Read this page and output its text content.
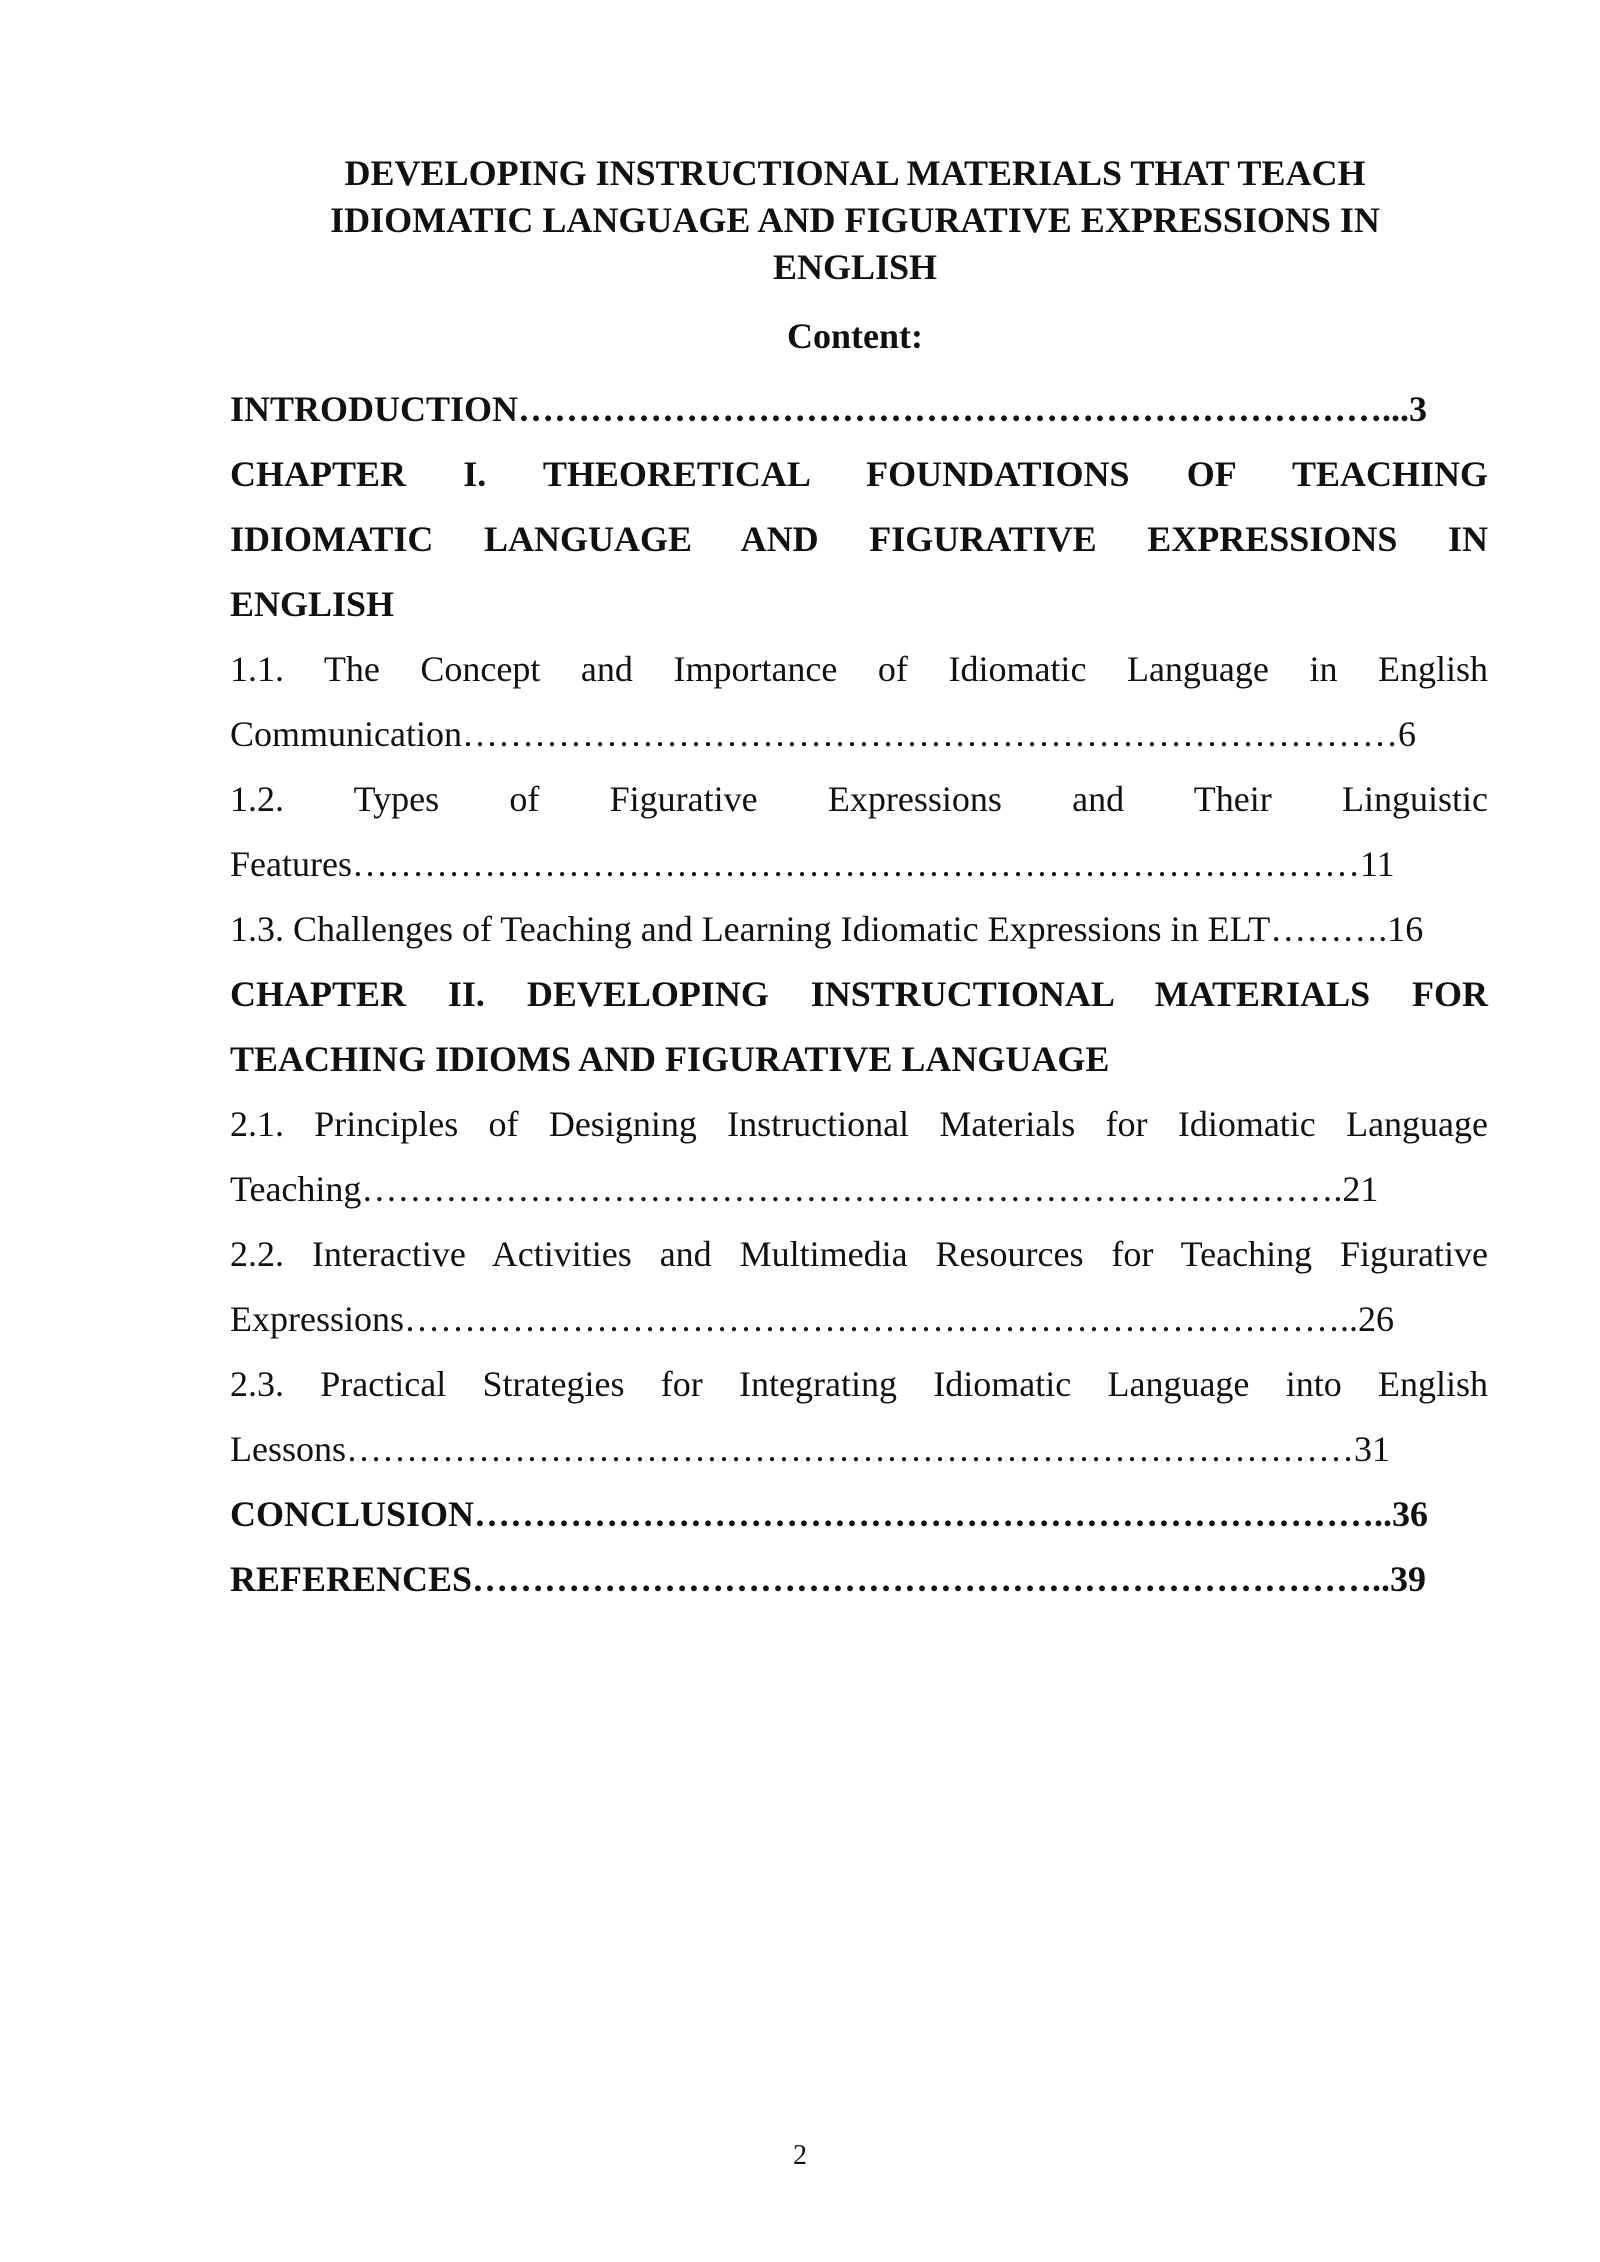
DEVELOPING INSTRUCTIONAL MATERIALS THAT TEACH
IDIOMATIC LANGUAGE AND FIGURATIVE EXPRESSIONS IN
ENGLISH
Content:
INTRODUCTION………………………………………………………………...3
CHAPTER I. THEORETICAL FOUNDATIONS OF TEACHING
IDIOMATIC LANGUAGE AND FIGURATIVE EXPRESSIONS IN
ENGLISH
1.1. The Concept and Importance of Idiomatic Language in English
Communication……………………………………………………………………6
1.2. Types of Figurative Expressions and Their Linguistic
Features…………………………………………………………………………11
1.3. Challenges of Teaching and Learning Idiomatic Expressions in ELT……….16
CHAPTER II. DEVELOPING INSTRUCTIONAL MATERIALS FOR
TEACHING IDIOMS AND FIGURATIVE LANGUAGE
2.1. Principles of Designing Instructional Materials for Idiomatic Language
Teaching……………………………………………………………………….21
2.2. Interactive Activities and Multimedia Resources for Teaching Figurative
Expressions……………………………………………………………………..26
2.3. Practical Strategies for Integrating Idiomatic Language into English
Lessons…………………………………………………………………………31
CONCLUSION…………………………………………………………………..36
REFERENCES…………………………………………………………………..39
2
